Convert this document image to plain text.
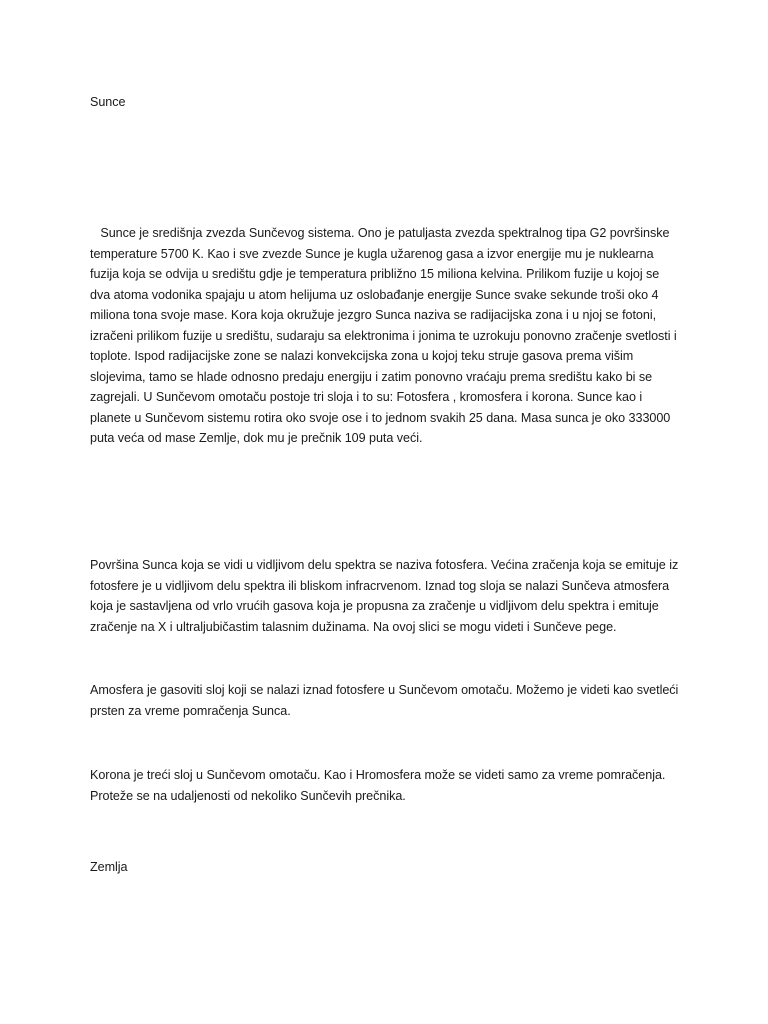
Sunce

Sunce je središnja zvezda Sunčevog sistema. Ono je patuljasta zvezda spektralnog tipa G2 površinske temperature 5700 K. Kao i sve zvezde Sunce je kugla užarenog gasa a izvor energije mu je nuklearna fuzija koja se odvija u središtu gdje je temperatura približno 15 miliona kelvina. Prilikom fuzije u kojoj se dva atoma vodonika spajaju u atom helijuma uz oslobađanje energije Sunce svake sekunde troši oko 4 miliona tona svoje mase. Kora koja okružuje jezgro Sunca naziva se radijacijska zona i u njoj se fotoni, izračeni prilikom fuzije u središtu, sudaraju sa elektronima i jonima te uzrokuju ponovno zračenje svetlosti i toplote. Ispod radijacijske zone se nalazi konvekcijska zona u kojoj teku struje gasova prema višim slojevima, tamo se hlade odnosno predaju energiju i zatim ponovno vraćaju prema središtu kako bi se zagrejali. U Sunčevom omotaču postoje tri sloja i to su: Fotosfera , kromosfera i korona. Sunce kao i planete u Sunčevom sistemu rotira oko svoje ose i to jednom svakih 25 dana. Masa sunca je oko 333000 puta veća od mase Zemlje, dok mu je prečnik 109 puta veći.

Površina Sunca koja se vidi u vidljivom delu spektra se naziva fotosfera. Većina zračenja koja se emituje iz fotosfere je u vidljivom delu spektra ili bliskom infracrvenom. Iznad tog sloja se nalazi Sunčeva atmosfera koja je sastavljena od vrlo vrućih gasova koja je propusna za zračenje u vidljivom delu spektra i emituje zračenje na X i ultraljubičastim talasnim dužinama. Na ovoj slici se mogu videti i Sunčeve pege.

Amosfera je gasoviti sloj koji se nalazi iznad fotosfere u Sunčevom omotaču. Možemo je videti kao svetleći prsten za vreme pomračenja Sunca.

Korona je treći sloj u Sunčevom omotaču. Kao i Hromosfera može se videti samo za vreme pomračenja. Proteže se na udaljenosti od nekoliko Sunčevih prečnika.

Zemlja
